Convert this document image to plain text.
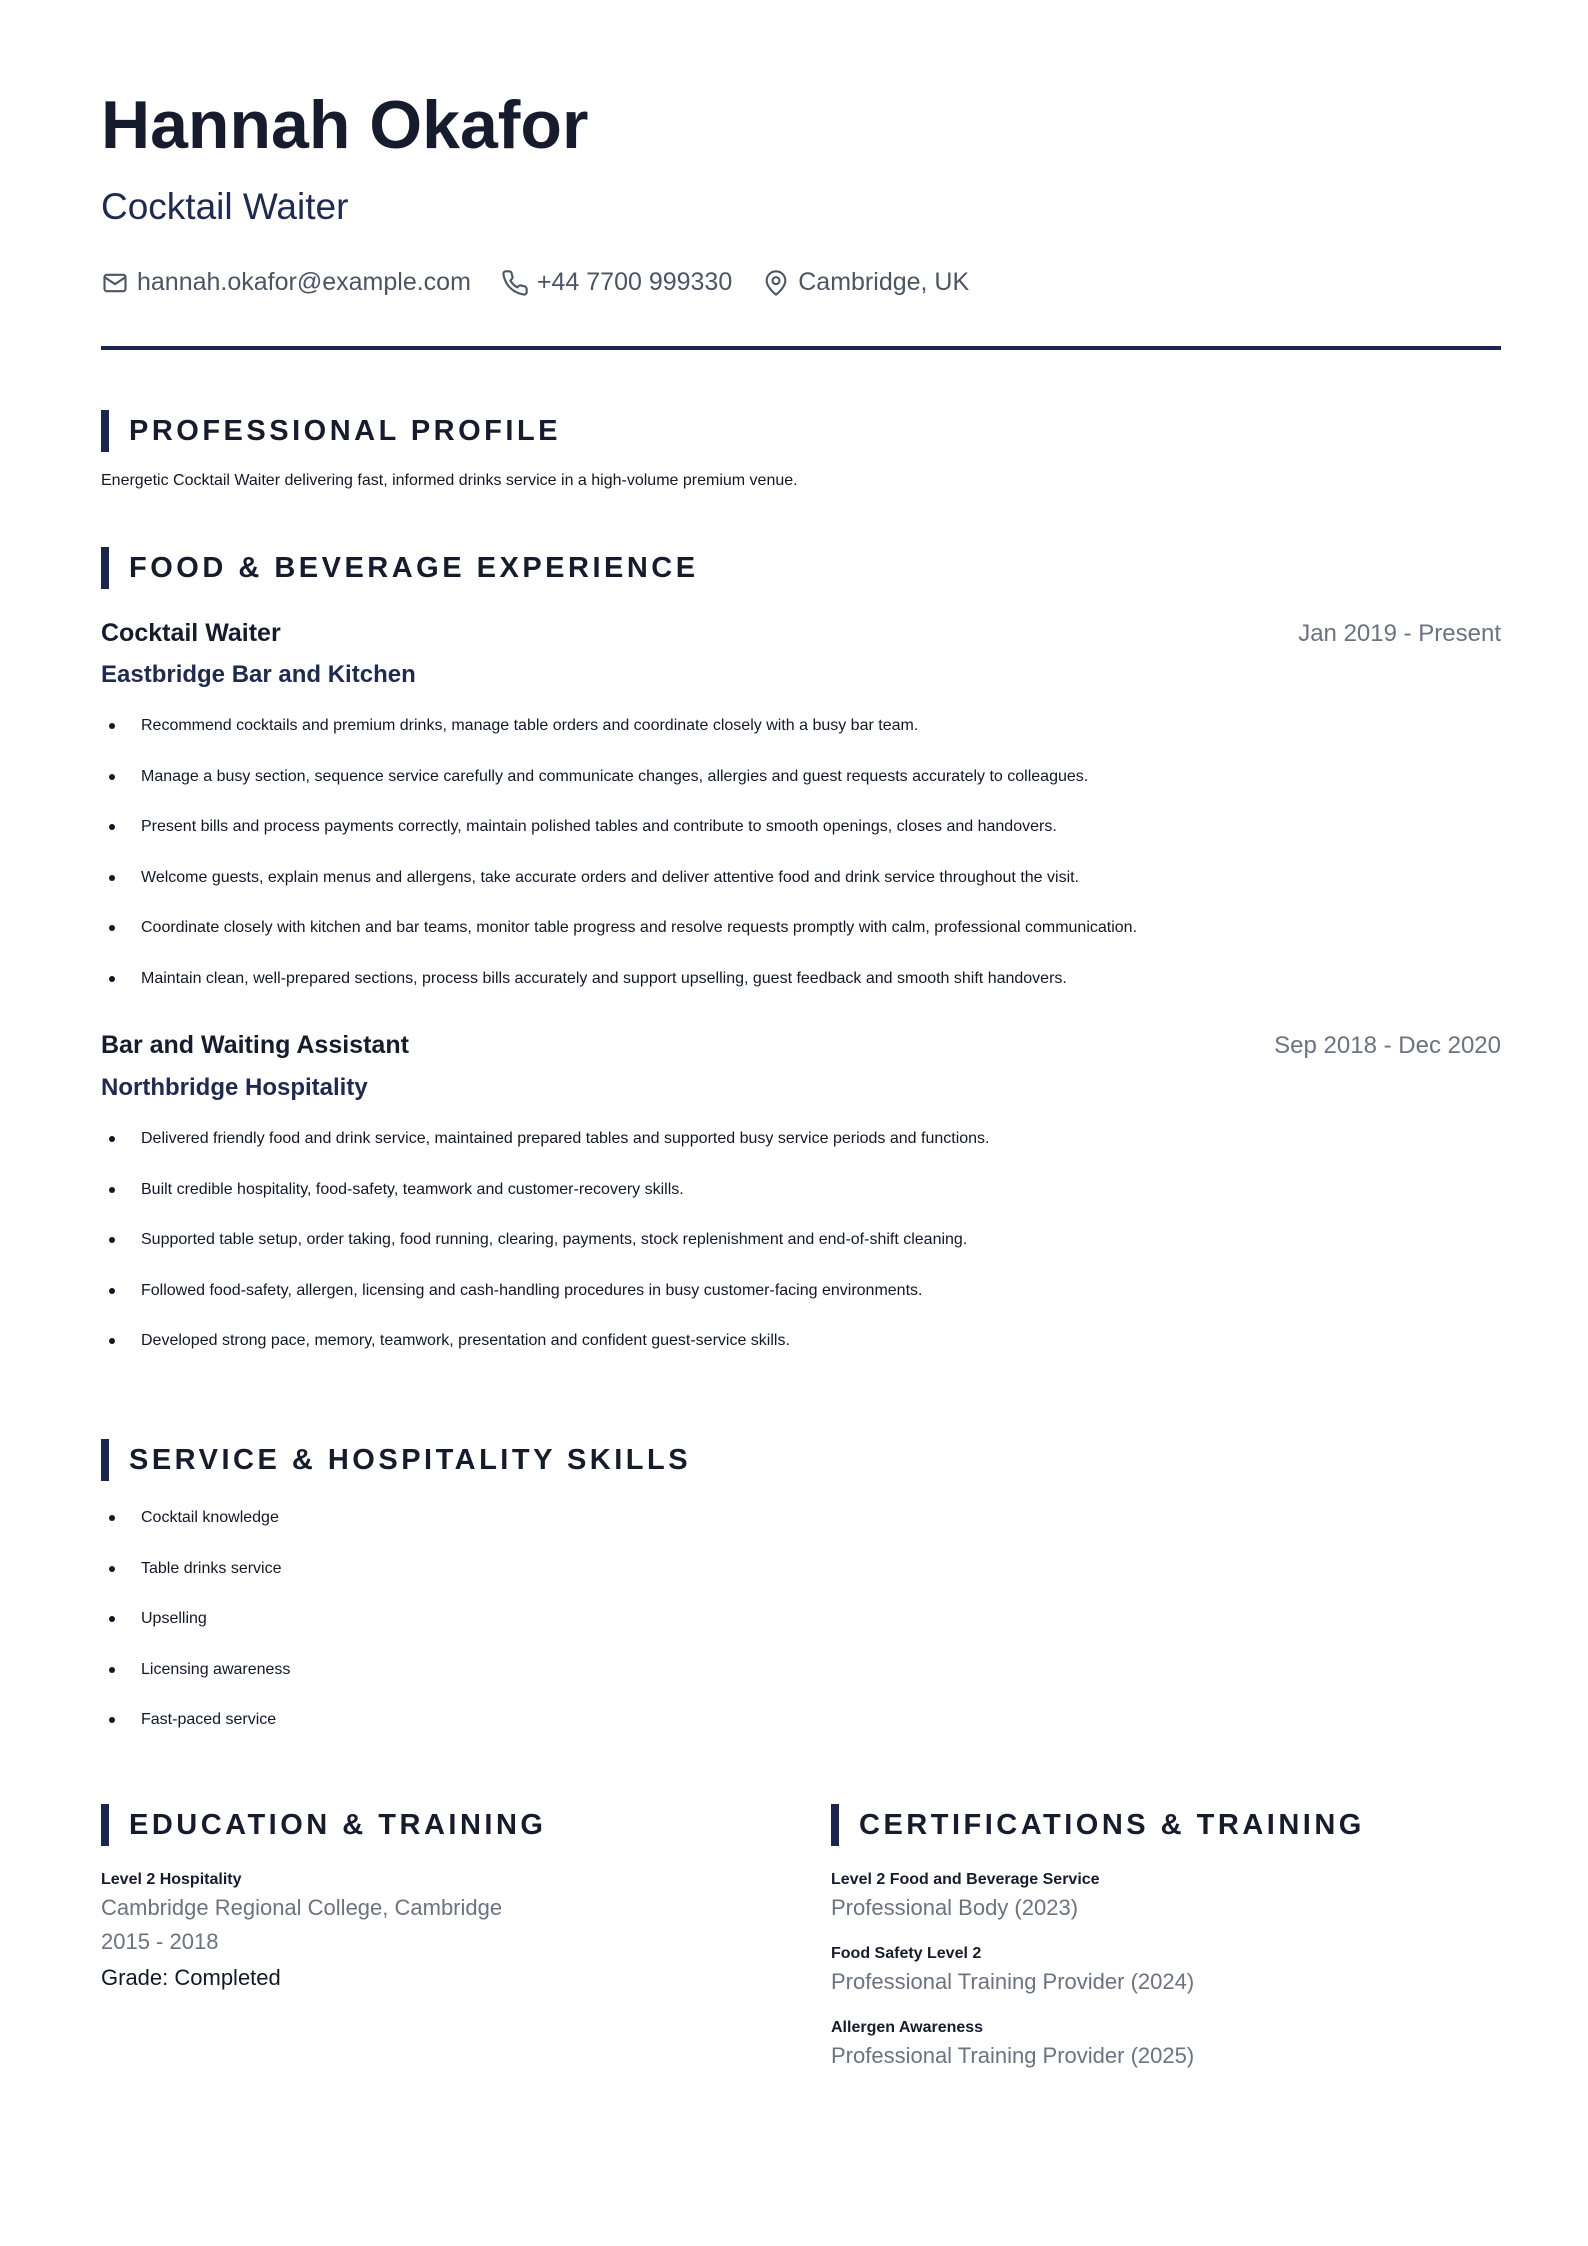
Hannah Okafor
Cocktail Waiter
hannah.okafor@example.com	+44 7700 999330	Cambridge, UK
PROFESSIONAL PROFILE

Energetic Cocktail Waiter delivering fast, informed drinks service in a high-volume premium venue.

FOOD & BEVERAGE EXPERIENCE
Cocktail Waiter	Jan 2019 - Present
Eastbridge Bar and Kitchen
Recommend cocktails and premium drinks, manage table orders and coordinate closely with a busy bar team.
Manage a busy section, sequence service carefully and communicate changes, allergies and guest requests accurately to colleagues.
Present bills and process payments correctly, maintain polished tables and contribute to smooth openings, closes and handovers.
Welcome guests, explain menus and allergens, take accurate orders and deliver attentive food and drink service throughout the visit.
Coordinate closely with kitchen and bar teams, monitor table progress and resolve requests promptly with calm, professional communication.
Maintain clean, well-prepared sections, process bills accurately and support upselling, guest feedback and smooth shift handovers.
Bar and Waiting Assistant	Sep 2018 - Dec 2020
Northbridge Hospitality
Delivered friendly food and drink service, maintained prepared tables and supported busy service periods and functions.
Built credible hospitality, food-safety, teamwork and customer-recovery skills.
Supported table setup, order taking, food running, clearing, payments, stock replenishment and end-of-shift cleaning.
Followed food-safety, allergen, licensing and cash-handling procedures in busy customer-facing environments.
Developed strong pace, memory, teamwork, presentation and confident guest-service skills.
SERVICE & HOSPITALITY SKILLS
Cocktail knowledge
Table drinks service
Upselling
Licensing awareness
Fast-paced service
EDUCATION & TRAINING

Level 2 Hospitality

Cambridge Regional College, Cambridge

2015 - 2018

Grade: Completed

CERTIFICATIONS & TRAINING

Level 2 Food and Beverage Service

Professional Body (2023)

Food Safety Level 2

Professional Training Provider (2024)

Allergen Awareness

Professional Training Provider (2025)
